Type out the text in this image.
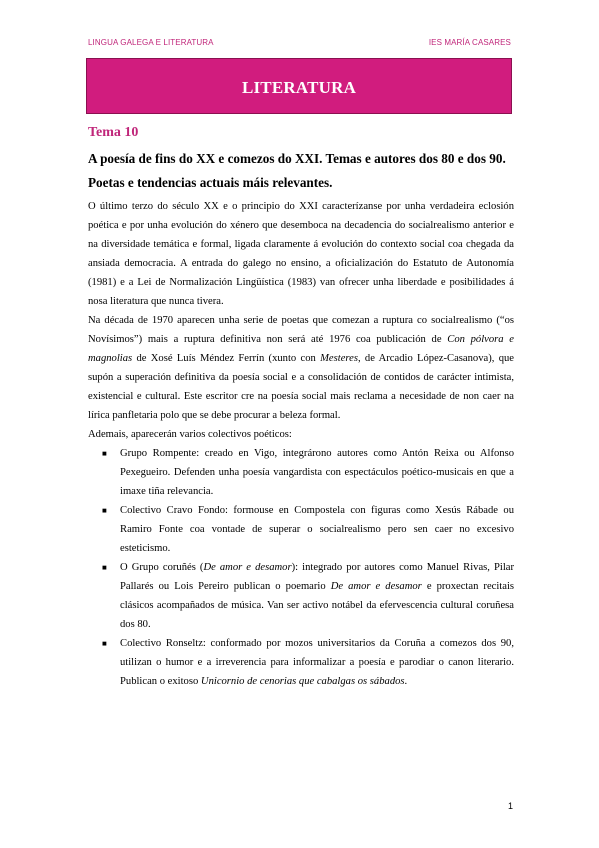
LINGUA GALEGA E LITERATURA	IES MARÍA CASARES
LITERATURA
Tema 10
A poesía de fins do XX e comezos do XXI. Temas e autores dos 80 e dos 90. Poetas e tendencias actuais máis relevantes.

O último terzo do século XX e o principio do XXI caracterízanse por unha verdadeira eclosión poética e por unha evolución do xénero que desemboca na decadencia do socialrealismo anterior e na diversidade temática e formal, ligada claramente á evolución do contexto social coa chegada da ansiada democracia. A entrada do galego no ensino, a oficialización do Estatuto de Autonomía (1981) e a Lei de Normalización Lingüística (1983) van ofrecer unha liberdade e posibilidades á nosa literatura que nunca tivera.

Na década de 1970 aparecen unha serie de poetas que comezan a ruptura co socialrealismo (“os Novísimos”) mais a ruptura definitiva non será até 1976 coa publicación de Con pólvora e magnolias de Xosé Luís Méndez Ferrín (xunto con Mesteres, de Arcadio López-Casanova), que supón a superación definitiva da poesía social e a consolidación de contidos de carácter intimista, existencial e cultural. Este escritor cre na poesía social mais reclama a necesidade de non caer na lírica panfletaria polo que se debe procurar a beleza formal.

Ademais, aparecerán varios colectivos poéticos:

■ Grupo Rompente: creado en Vigo, integráronо autores como Antón Reixa ou Alfonso Pexegueiro. Defenden unha poesía vangardista con espectáculos poético-musicais en que a imaxe tiña relevancia.
■ Colectivo Cravo Fondo: formouse en Compostela con figuras como Xesús Rábade ou Ramiro Fonte coa vontade de superar o socialrealismo pero sen caer no excesivo esteticismo.
■ O Grupo coruñés (De amor e desamor): integrado por autores como Manuel Rivas, Pilar Pallarés ou Lois Pereiro publican o poemario De amor e desamor e proxectan recitais clásicos acompañados de música. Van ser activo notábel da efervescencia cultural coruñesa dos 80.
■ Colectivo Ronseltz: conformado por mozos universitarios da Coruña a comezos dos 90, utilizan o humor e a irreverencia para informalizar a poesía e parodiar o canon literario. Publican o exitoso Unicornio de cenorias que cabalgas os sábados.
1
